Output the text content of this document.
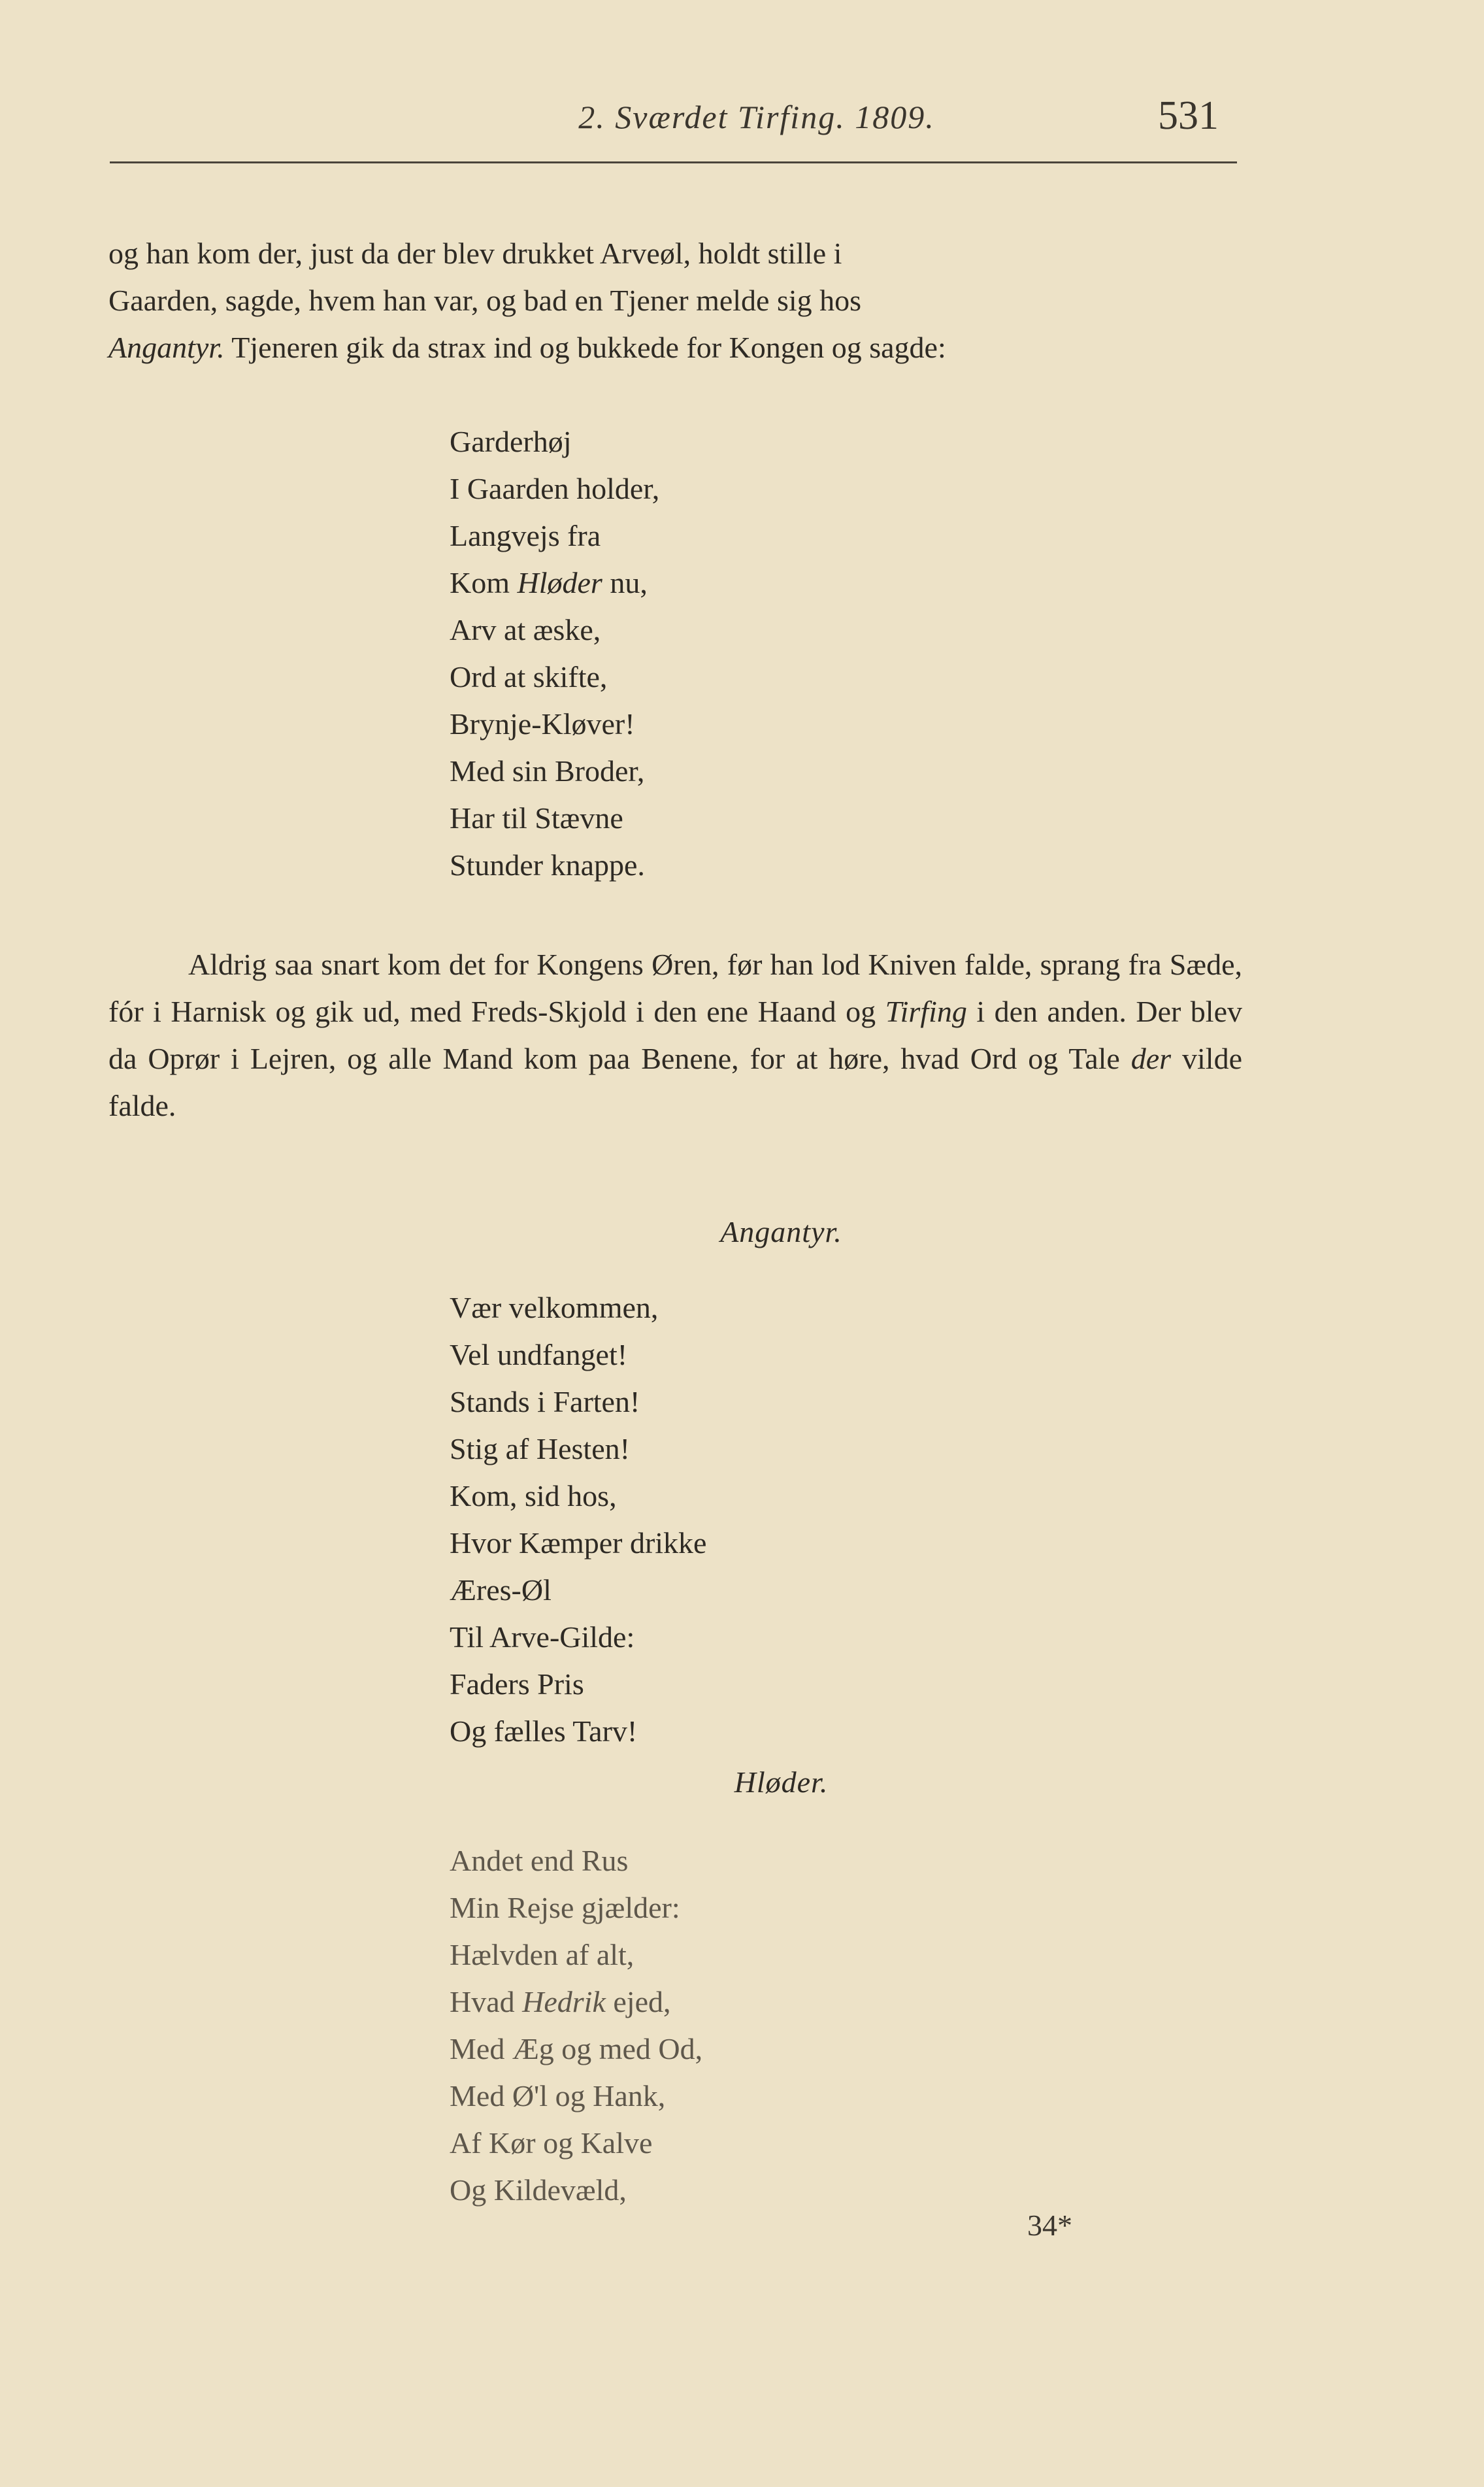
2. Sværdet Tirfing. 1809.	531

og han kom der, just da der blev drukket Arveøl, holdt stille i

Gaarden, sagde, hvem han var, og bad en Tjener melde sig hos

Angantyr. Tjeneren gik da strax ind og bukkede for Kongen og sagde:

Garderhøj
I Gaarden holder,
Langvejs fra
Kom Hløder nu,
Arv at æske,
Ord at skifte,
Brynje-Kløver!
Med sin Broder,
Har til Stævne
Stunder knappe.

Aldrig saa snart kom det for Kongens Øren, før han lod Kniven falde, sprang fra Sæde, fór i Harnisk og gik ud, med Freds-Skjold i den ene Haand og Tirfing i den anden. Der blev da Oprør i Lejren, og alle Mand kom paa Benene, for at høre, hvad Ord og Tale der vilde falde.

Angantyr.
Vær velkommen,
Vel undfanget!
Stands i Farten!
Stig af Hesten!
Kom, sid hos,
Hvor Kæmper drikke
Æres-Øl
Til Arve-Gilde:
Faders Pris
Og fælles Tarv!
Hløder.
Andet end Rus
Min Rejse gjælder:
Hælvden af alt,
Hvad Hedrik ejed,
Med Æg og med Od,
Med Ø'l og Hank,
Af Kør og Kalve
Og Kildevæld,
34*
